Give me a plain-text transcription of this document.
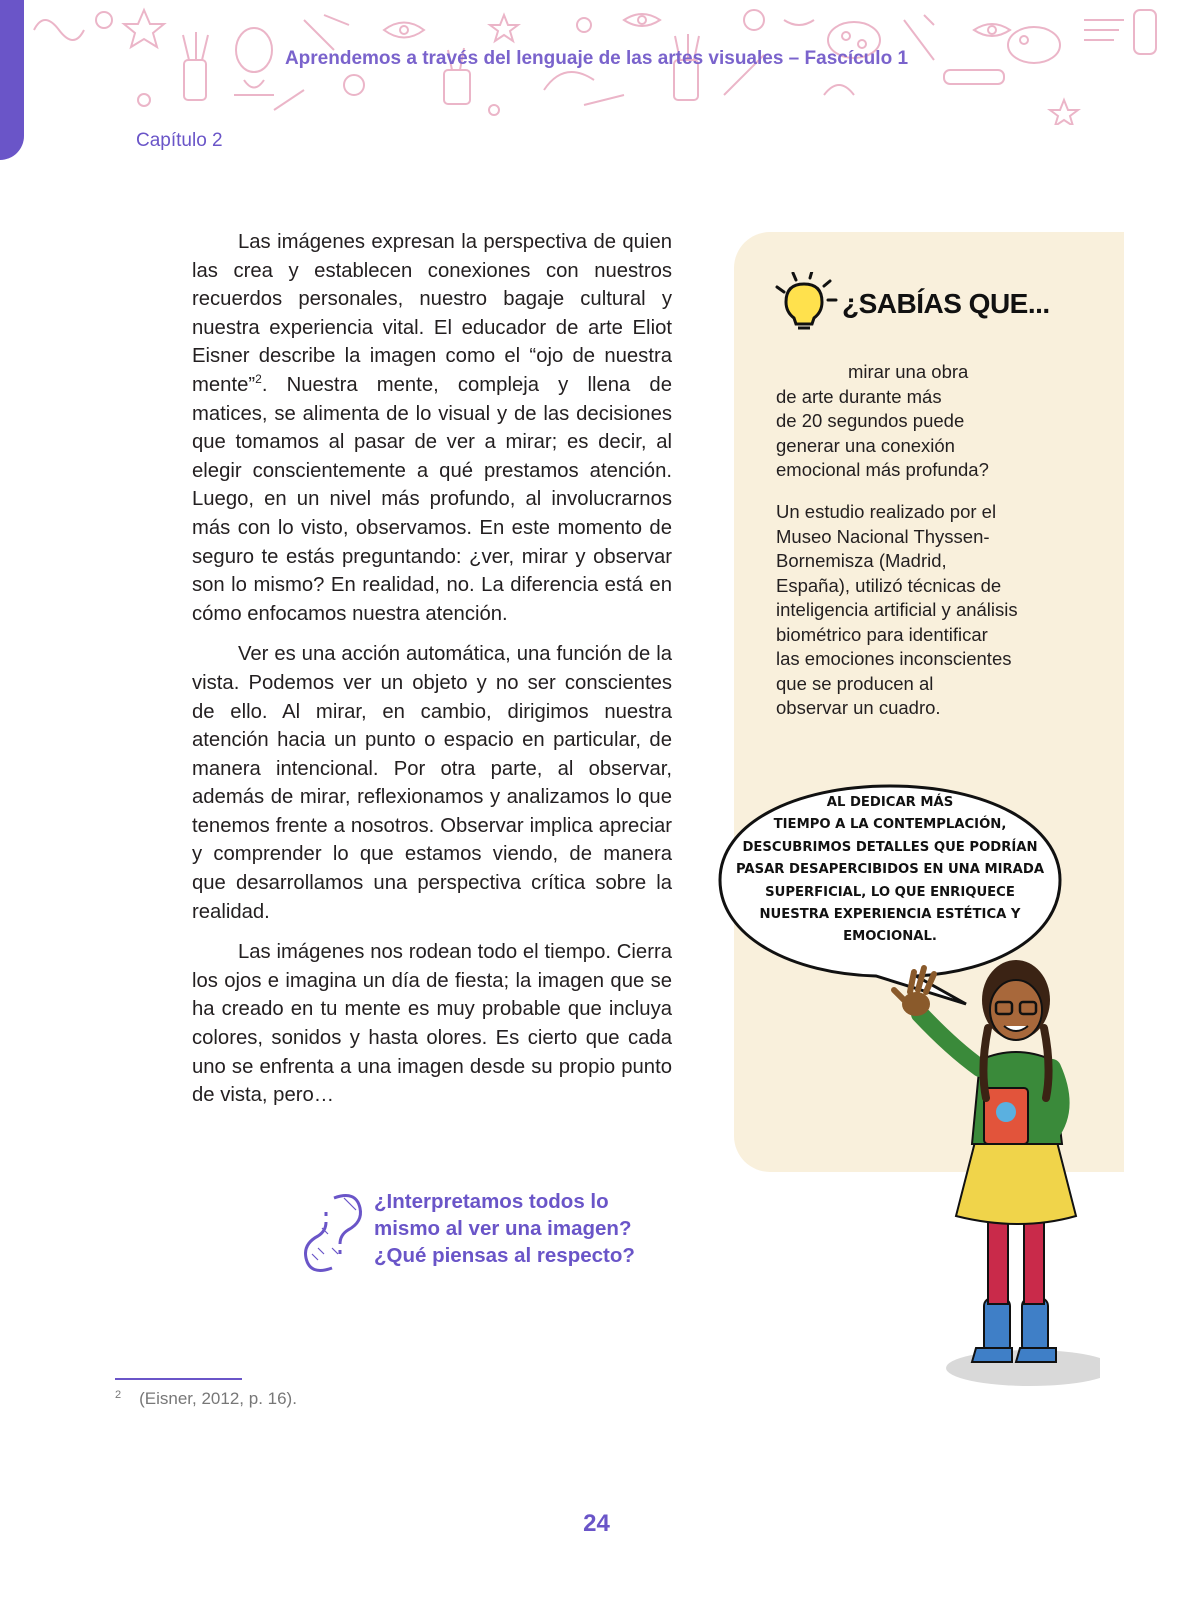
Aprendemos a través del lenguaje de las artes visuales – Fascículo 1
Capítulo 2

Las imágenes expresan la perspectiva de quien las crea y establecen conexiones con nuestros recuerdos personales, nuestro bagaje cultural y nuestra experiencia vital. El educador de arte Eliot Eisner describe la imagen como el “ojo de nuestra mente”$^2$. Nuestra mente, compleja y llena de matices, se alimenta de lo visual y de las decisiones que tomamos al pasar de ver a mirar; es decir, al elegir conscientemente a qué prestamos atención. Luego, en un nivel más profundo, al involucrarnos más con lo visto, observamos. En este momento de seguro te estás preguntando: ¿ver, mirar y observar son lo mismo? En realidad, no. La diferencia está en cómo enfocamos nuestra atención.

Ver es una acción automática, una función de la vista. Podemos ver un objeto y no ser conscientes de ello. Al mirar, en cambio, dirigimos nuestra atención hacia un punto o espacio en particular, de manera intencional. Por otra parte, al observar, además de mirar, reflexionamos y analizamos lo que tenemos frente a nosotros. Observar implica apreciar y comprender lo que estamos viendo, de manera que desarrollamos una perspectiva crítica sobre la realidad.

Las imágenes nos rodean todo el tiempo. Cierra los ojos e imagina un día de fiesta; la imagen que se ha creado en tu mente es muy probable que incluya colores, sonidos y hasta olores. Es cierto que cada uno se enfrenta a una imagen desde su propio punto de vista, pero…

¿Interpretamos todos lo
mismo al ver una imagen?
¿Qué piensas al respecto?
$^2$ (Eisner, 2012, p. 16).
24
¿SABÍAS QUE...
mirar una obra
de arte durante más
de 20 segundos puede
generar una conexión
emocional más profunda?
Un estudio realizado por el
Museo Nacional Thyssen-
Bornemisza (Madrid,
España), utilizó técnicas de
inteligencia artificial y análisis
biométrico para identificar
las emociones inconscientes
que se producen al
observar un cuadro.
AL DEDICAR MÁS
TIEMPO A LA CONTEMPLACIÓN,
DESCUBRIMOS DETALLES QUE PODRÍAN
PASAR DESAPERCIBIDOS EN UNA MIRADA
SUPERFICIAL, LO QUE ENRIQUECE
NUESTRA EXPERIENCIA ESTÉTICA Y
EMOCIONAL.
